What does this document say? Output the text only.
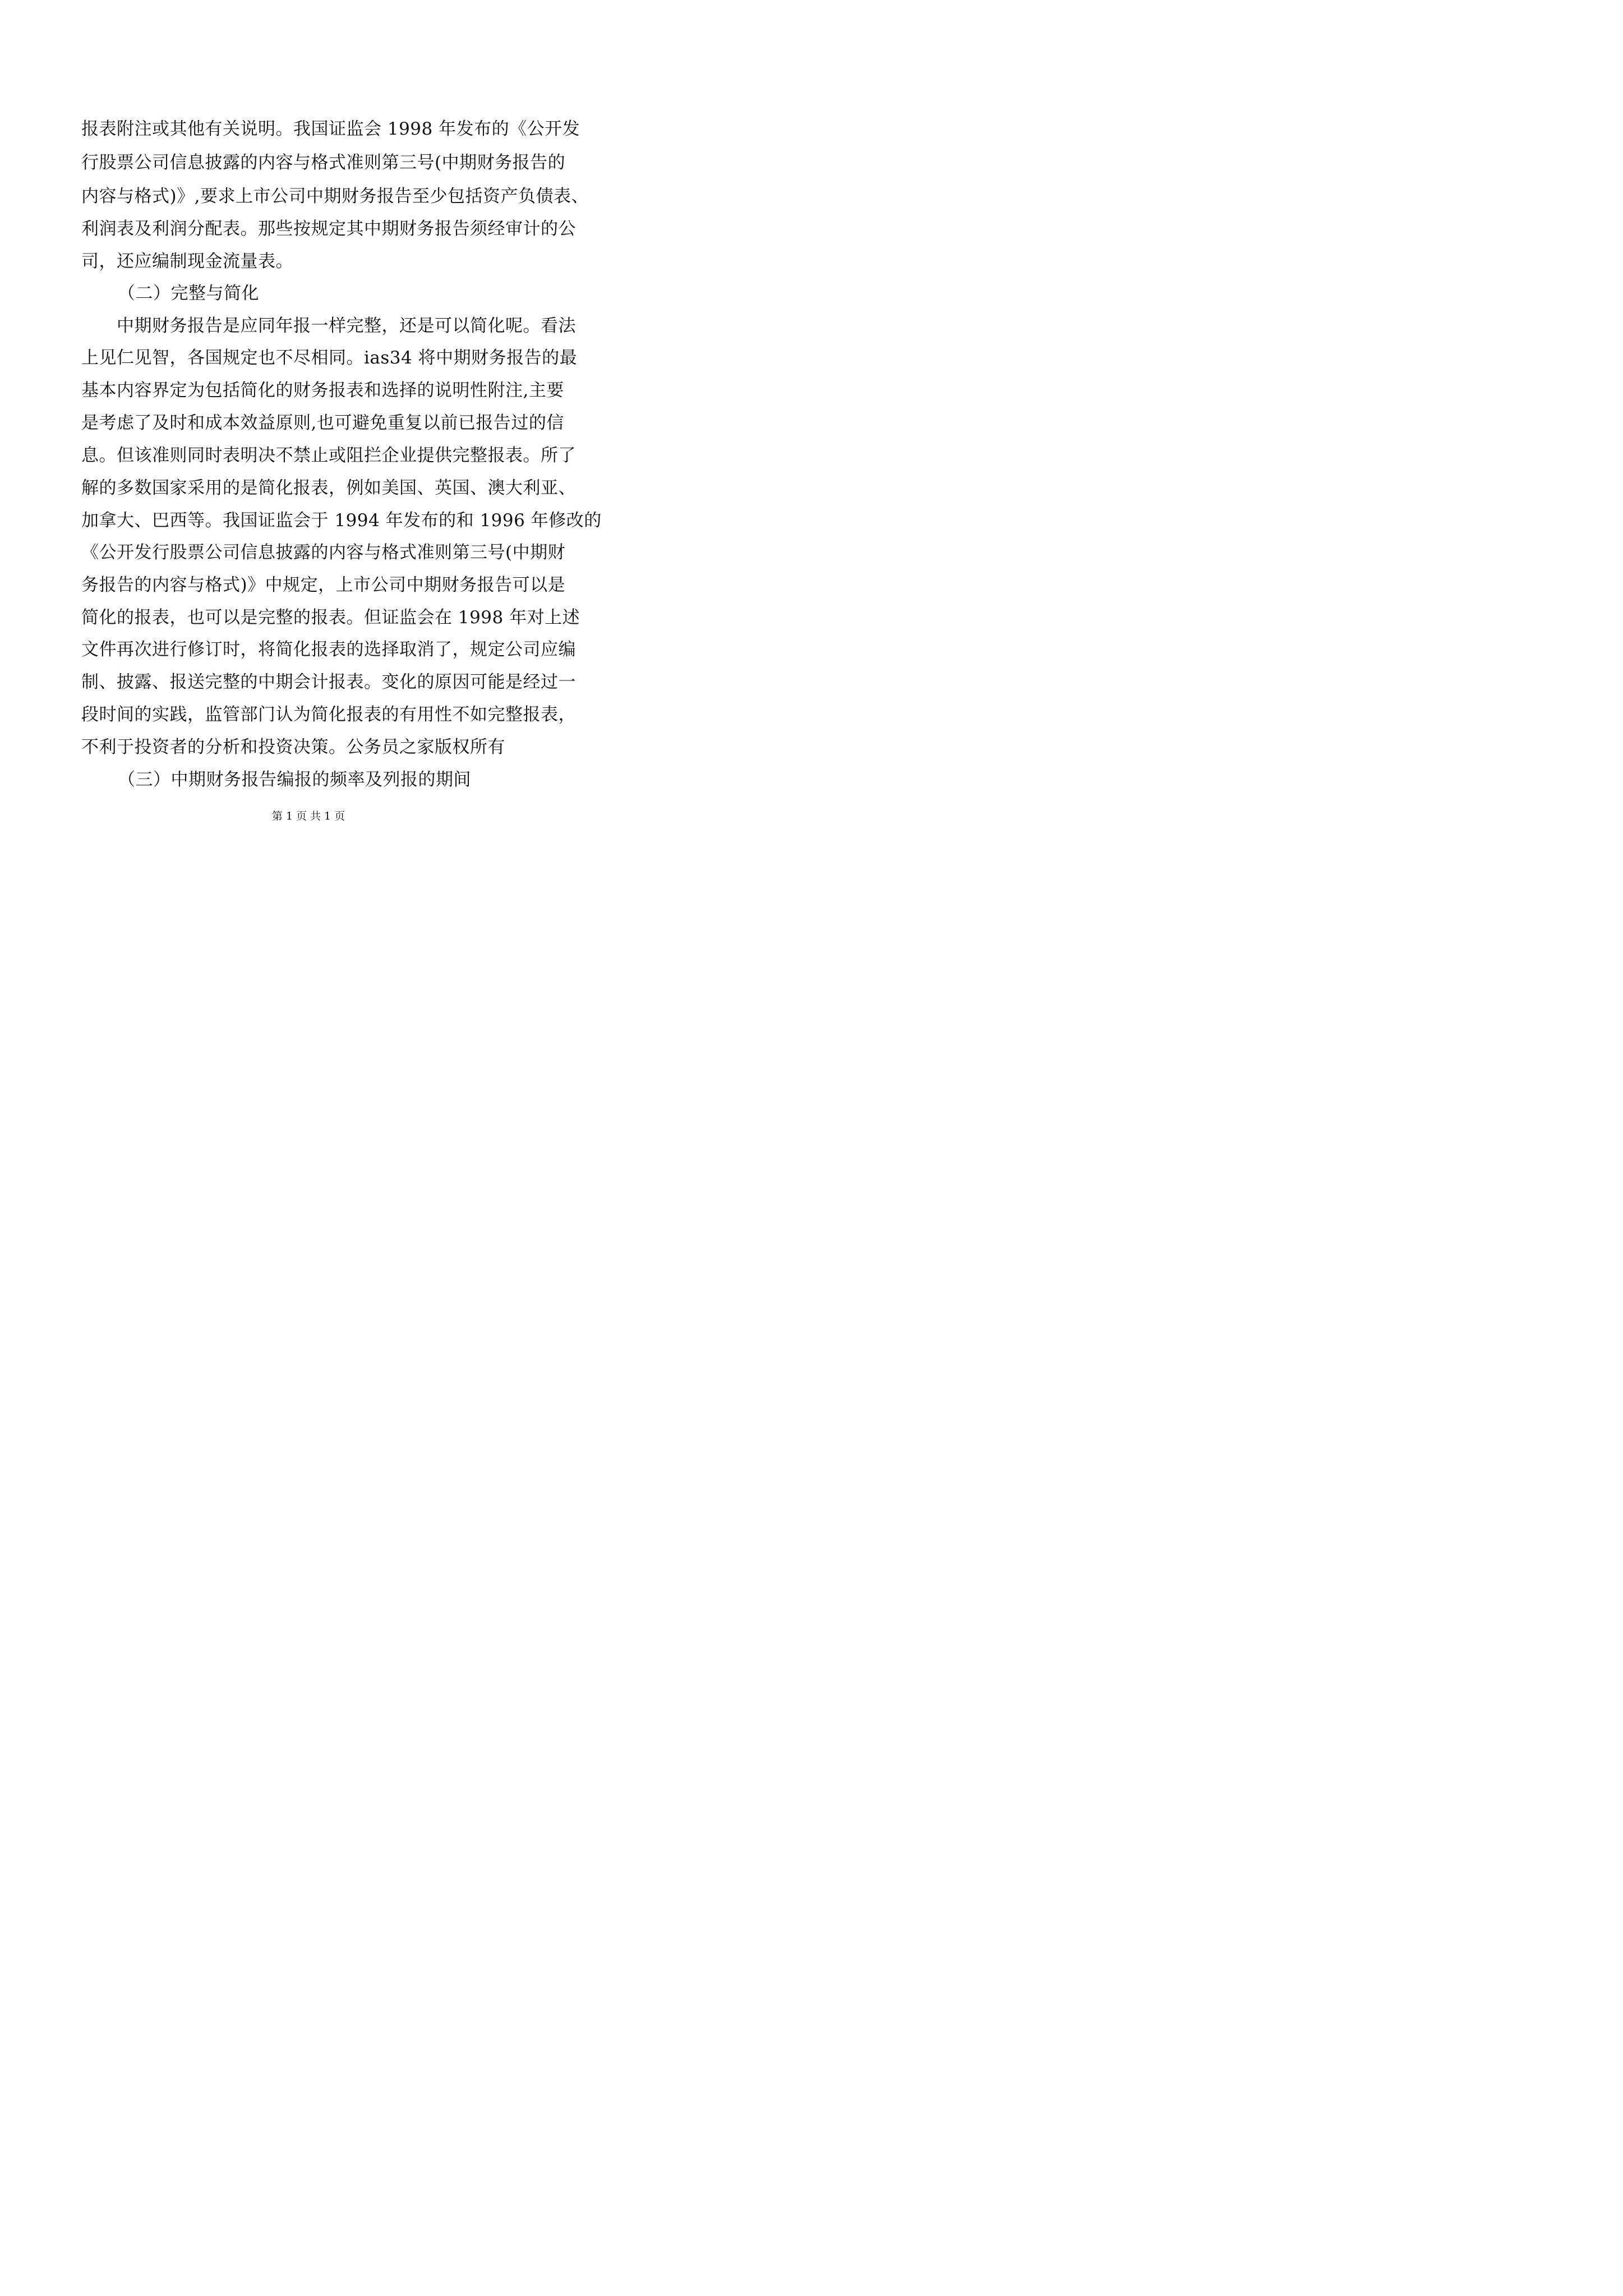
报表附注或其他有关说明。我国证监会 1998 年发布的《公开发
行股票公司信息披露的内容与格式准则第三号(中期财务报告的
内容与格式)》,要求上市公司中期财务报告至少包括资产负债表、
利润表及利润分配表。那些按规定其中期财务报告须经审计的公
司，还应编制现金流量表。
（二）完整与简化
中期财务报告是应同年报一样完整，还是可以简化呢。看法
上见仁见智，各国规定也不尽相同。ias34 将中期财务报告的最
基本内容界定为包括简化的财务报表和选择的说明性附注,主要
是考虑了及时和成本效益原则,也可避免重复以前已报告过的信
息。但该准则同时表明决不禁止或阻拦企业提供完整报表。所了
解的多数国家采用的是简化报表，例如美国、英国、澳大利亚、
加拿大、巴西等。我国证监会于 1994 年发布的和 1996 年修改的
《公开发行股票公司信息披露的内容与格式准则第三号(中期财
务报告的内容与格式)》中规定，上市公司中期财务报告可以是
简化的报表，也可以是完整的报表。但证监会在 1998 年对上述
文件再次进行修订时，将简化报表的选择取消了，规定公司应编
制、披露、报送完整的中期会计报表。变化的原因可能是经过一
段时间的实践，监管部门认为简化报表的有用性不如完整报表，
不利于投资者的分析和投资决策。公务员之家版权所有
（三）中期财务报告编报的频率及列报的期间
第 1 页 共 1 页
